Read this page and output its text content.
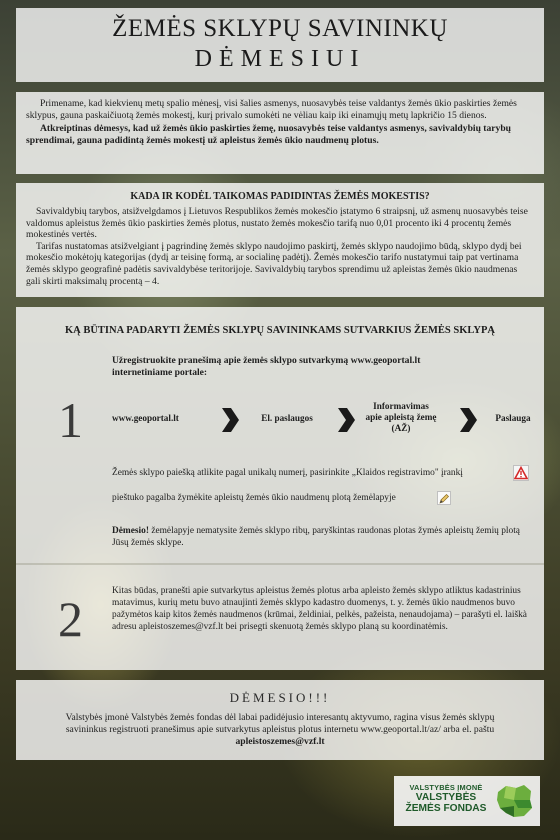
ŽEMĖS SKLYPŲ SAVININKŲ
DĖMESIUI

Primename, kad kiekvienų metų spalio mėnesį, visi šalies asmenys, nuosavybės teise valdantys žemės ūkio paskirties žemės sklypus, gauna paskaičiuotą žemės mokestį, kurį privalo sumokėti ne vėliau kaip iki einamųjų metų lapkričio 15 dienos.

Atkreiptinas dėmesys, kad už žemės ūkio paskirties žemę, nuosavybės teise valdantys asmenys, savivaldybių tarybų sprendimai, gauna padidintą žemės mokestį už apleistus žemės ūkio naudmenų plotus.

KADA IR KODĖL TAIKOMAS PADIDINTAS ŽEMĖS MOKESTIS?

Savivaldybių tarybos, atsižvelgdamos į Lietuvos Respublikos žemės mokesčio įstatymo 6 straipsnį, už asmenų nuosavybės teise valdomus apleistus žemės ūkio paskirties žemės plotus, nustato žemės mokesčio tarifą nuo 0,01 procento iki 4 procentų žemės mokestinės vertės.

Tarifas nustatomas atsižvelgiant į pagrindinę žemės sklypo naudojimo paskirtį, žemės sklypo naudojimo būdą, sklypo dydį bei mokesčio mokėtojų kategorijas (dydį ar teisinę formą, ar socialinę padėtį). Žemės mokesčio tarifo nustatymui taip pat vertinama žemės sklypo geografinė padėtis savivaldybėse teritorijoje. Savivaldybių tarybos sprendimu už apleistas žemės ūkio naudmenas gali skirti maksimalų procentą – 4.

KĄ BŪTINA PADARYTI ŽEMĖS SKLYPŲ SAVININKAMS SUTVARKIUS ŽEMĖS SKLYPĄ
1
Užregistruokite pranešimą apie žemės sklypo sutvarkymą www.geoportal.lt internetiniame portale:
www.geoportal.lt	El. paslaugos
Informavimas apie apleistą žemę (AŽ)
Paslauga
Žemės sklypo paiešką atlikite pagal unikalų numerį, pasirinkite „Klaidos registravimo" įrankį
pieštuko pagalba žymėkite apleistų žemės ūkio naudmenų plotą žemėlapyje
Dėmesio! žemėlapyje nematysite žemės sklypo ribų, paryškintas raudonas plotas žymės apleistų žemių plotą Jūsų žemės sklype.
2	Kitas būdas, pranešti apie sutvarkytus apleistus žemės plotus arba apleisto žemės sklypo atliktus kadastrinius matavimus, kurių metu buvo atnaujinti žemės sklypo kadastro duomenys, t. y. žemės ūkio naudmenos buvo pažymėtos kaip kitos žemės naudmenos (krūmai, želdiniai, pelkės, pažeista, nenaudojama) – parašyti el. laiškà adresu apleistoszemes@vzf.lt bei prisegti skenuotą žemės sklypo planą su koordinatėmis.
DĖMESIO!!!
Valstybės įmonė Valstybės žemės fondas dėl labai padidėjusio interesantų aktyvumo, ragina visus žemės sklypų savininkus registruoti pranešimus apie sutvarkytus apleistus plotus internetu www.geoportal.lt/az/ arba el. paštu
apleistoszemes@vzf.lt
VALSTYBĖS ĮMONĖ
VALSTYBĖS
ŽEMĖS FONDAS
